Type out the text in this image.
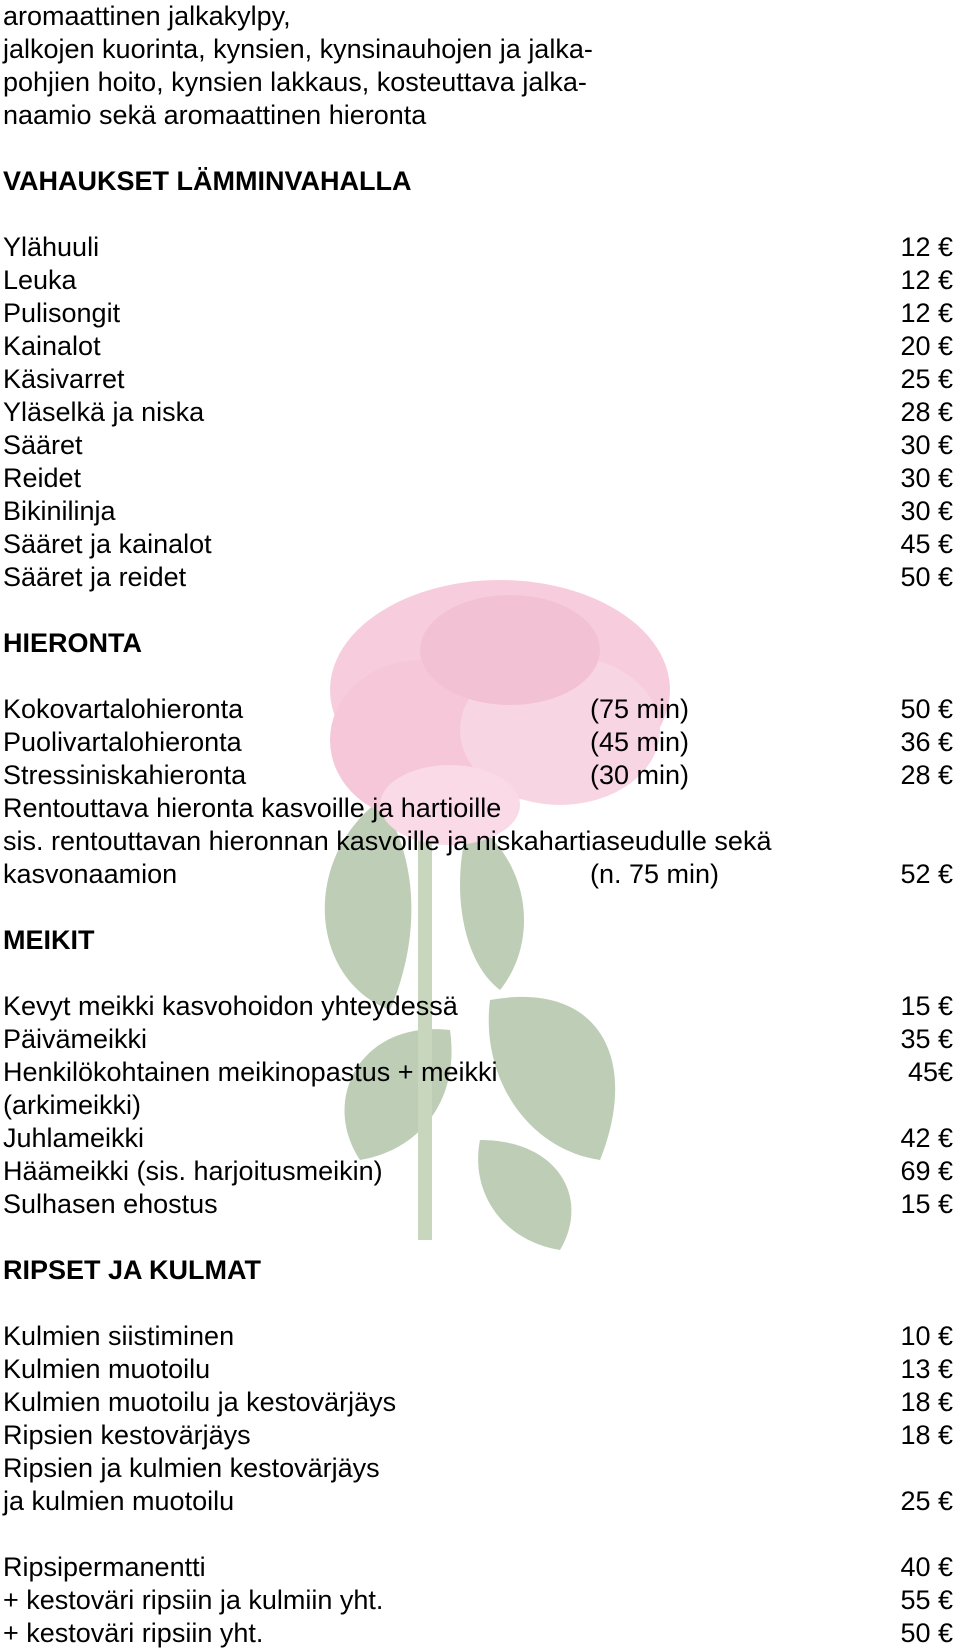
aromaattinen jalkakylpy,
jalkojen kuorinta, kynsien, kynsinauhojen ja jalka-
pohjien hoito, kynsien lakkaus, kosteuttava jalka-
naamio sekä aromaattinen hieronta
VAHAUKSET LÄMMINVAHALLA
Ylähuuli	12 €
Leuka	12 €
Pulisongit	12 €
Kainalot	20 €
Käsivarret	25 €
Yläselkä ja niska	28 €
Sääret	30 €
Reidet	30 €
Bikinilinja	30 €
Sääret ja kainalot	45 €
Sääret ja reidet	50 €
HIERONTA
Kokovartalohieronta	(75 min)	50 €
Puolivartalohieronta	(45 min)	36 €
Stressiniskahieronta	(30 min)	28 €
Rentouttava hieronta kasvoille ja hartioille
sis. rentouttavan hieronnan kasvoille ja niskahartiaseudulle sekä
kasvonaamion	(n. 75 min)	52 €
MEIKIT
Kevyt meikki kasvohoidon yhteydessä	15 €
Päivämeikki	35 €
Henkilökohtainen meikinopastus + meikki	45€
(arkimeikki)
Juhlameikki	42 €
Häämeikki (sis. harjoitusmeikin)	69 €
Sulhasen ehostus	15 €
RIPSET JA KULMAT
Kulmien siistiminen	10 €
Kulmien muotoilu	13 €
Kulmien muotoilu ja kestovärjäys	18 €
Ripsien kestovärjäys	18 €
Ripsien ja kulmien kestovärjäys
ja kulmien muotoilu	25 €
Ripsipermanentti	40 €
+ kestoväri ripsiin ja kulmiin yht.	55 €
+ kestoväri ripsiin yht.	50 €
